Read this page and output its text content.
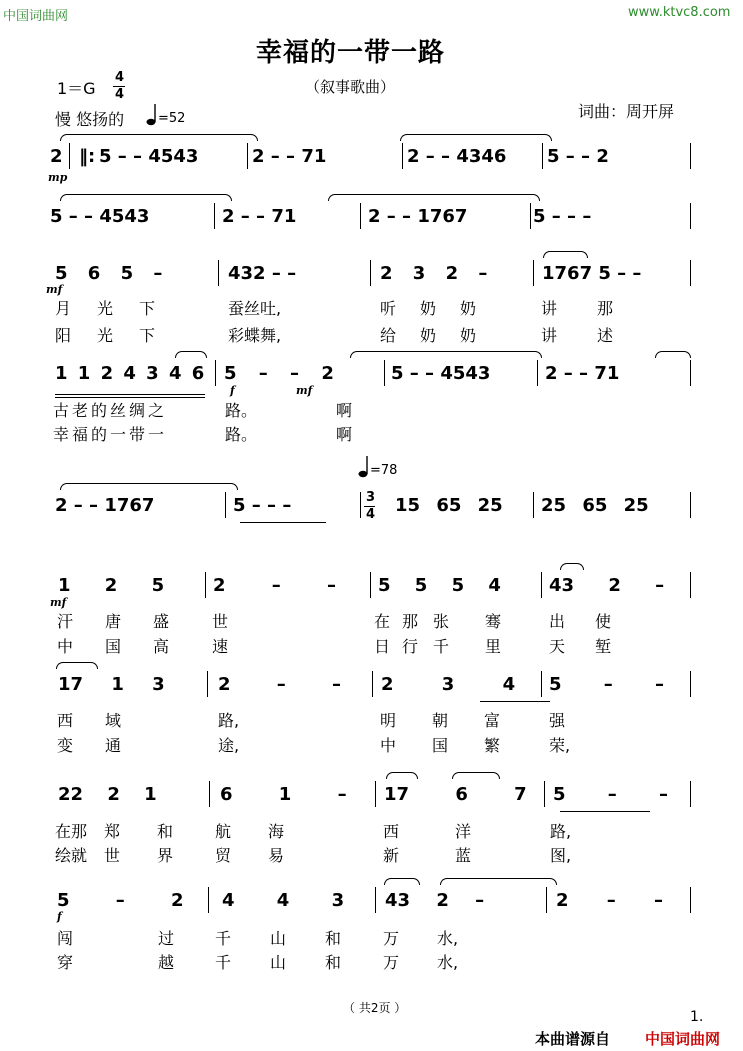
中国词曲网	www.ktvc8.com
幸福的一带一路
（叙事歌曲）
1＝G
4
4
慢 悠扬的	=52	词曲：周开屏
2 ‖: 5 – – 4543	2 – – 71	2 – – 4346 5 – – 2
mp
5 – – 4543	2 – – 71	2 – – 1767	5 – – –
5 6 5 –	432 – –	2 3 2 –	1767 5 – –
mf
月 光 下	蚕丝吐,	听 奶 奶	讲 那
阳 光 下	彩蝶舞,	给 奶 奶	讲 述
1 1 2 4 3 4 6 5 – – 2	5 – – 4543	2 – – 71
f	mf
古老的丝绸之	路。	啊
幸福的一带一	路。	啊
=78
2 – – 1767	5 – – –	3
4 15 65 25 25 65 25
1 2 5	2 – – 5 5 5 4	43 2 –
mf
汗 唐 盛	世	在 那 张 骞	出 使
中 国 高	速	日 行 千 里	天 堑
17 1 3	2 – – 2 3 4 5 – –
西 域	路,	明 朝 富	强
变 通	途,	中 国 繁	荣,
22 2 1	6 1 – 17 6 7 5 – –
在那 郑 和	航 海	西	洋	路,
绘就 世 界	贸 易	新	蓝	图,
5 – 2 4 4 3 43 2 –	2 – –
f
闯	过	千 山 和	万 水,
穿	越	千 山 和	万 水,
（ 共2页 ）
1.
本曲谱源自 中国词曲网
